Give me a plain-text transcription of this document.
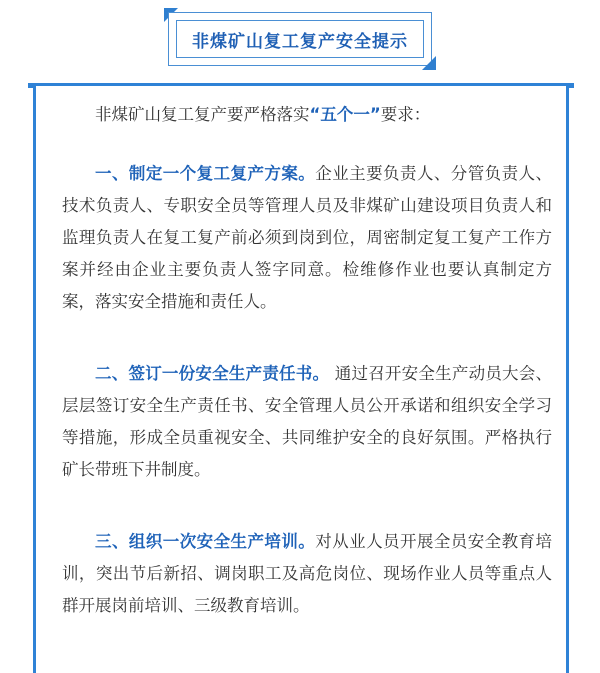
非煤矿山复工复产安全提示

非煤矿山复工复产要严格落实“五个一”要求：

一、制定一个复工复产方案。企业主要负责人、分管负责人、技术负责人、专职安全员等管理人员及非煤矿山建设项目负责人和监理负责人在复工复产前必须到岗到位，周密制定复工复产工作方案并经由企业主要负责人签字同意。检维修作业也要认真制定方案，落实安全措施和责任人。

二、签订一份安全生产责任书。 通过召开安全生产动员大会、层层签订安全生产责任书、安全管理人员公开承诺和组织安全学习等措施，形成全员重视安全、共同维护安全的良好氛围。严格执行矿长带班下井制度。

三、组织一次安全生产培训。对从业人员开展全员安全教育培训，突出节后新招、调岗职工及高危岗位、现场作业人员等重点人群开展岗前培训、三级教育培训。
